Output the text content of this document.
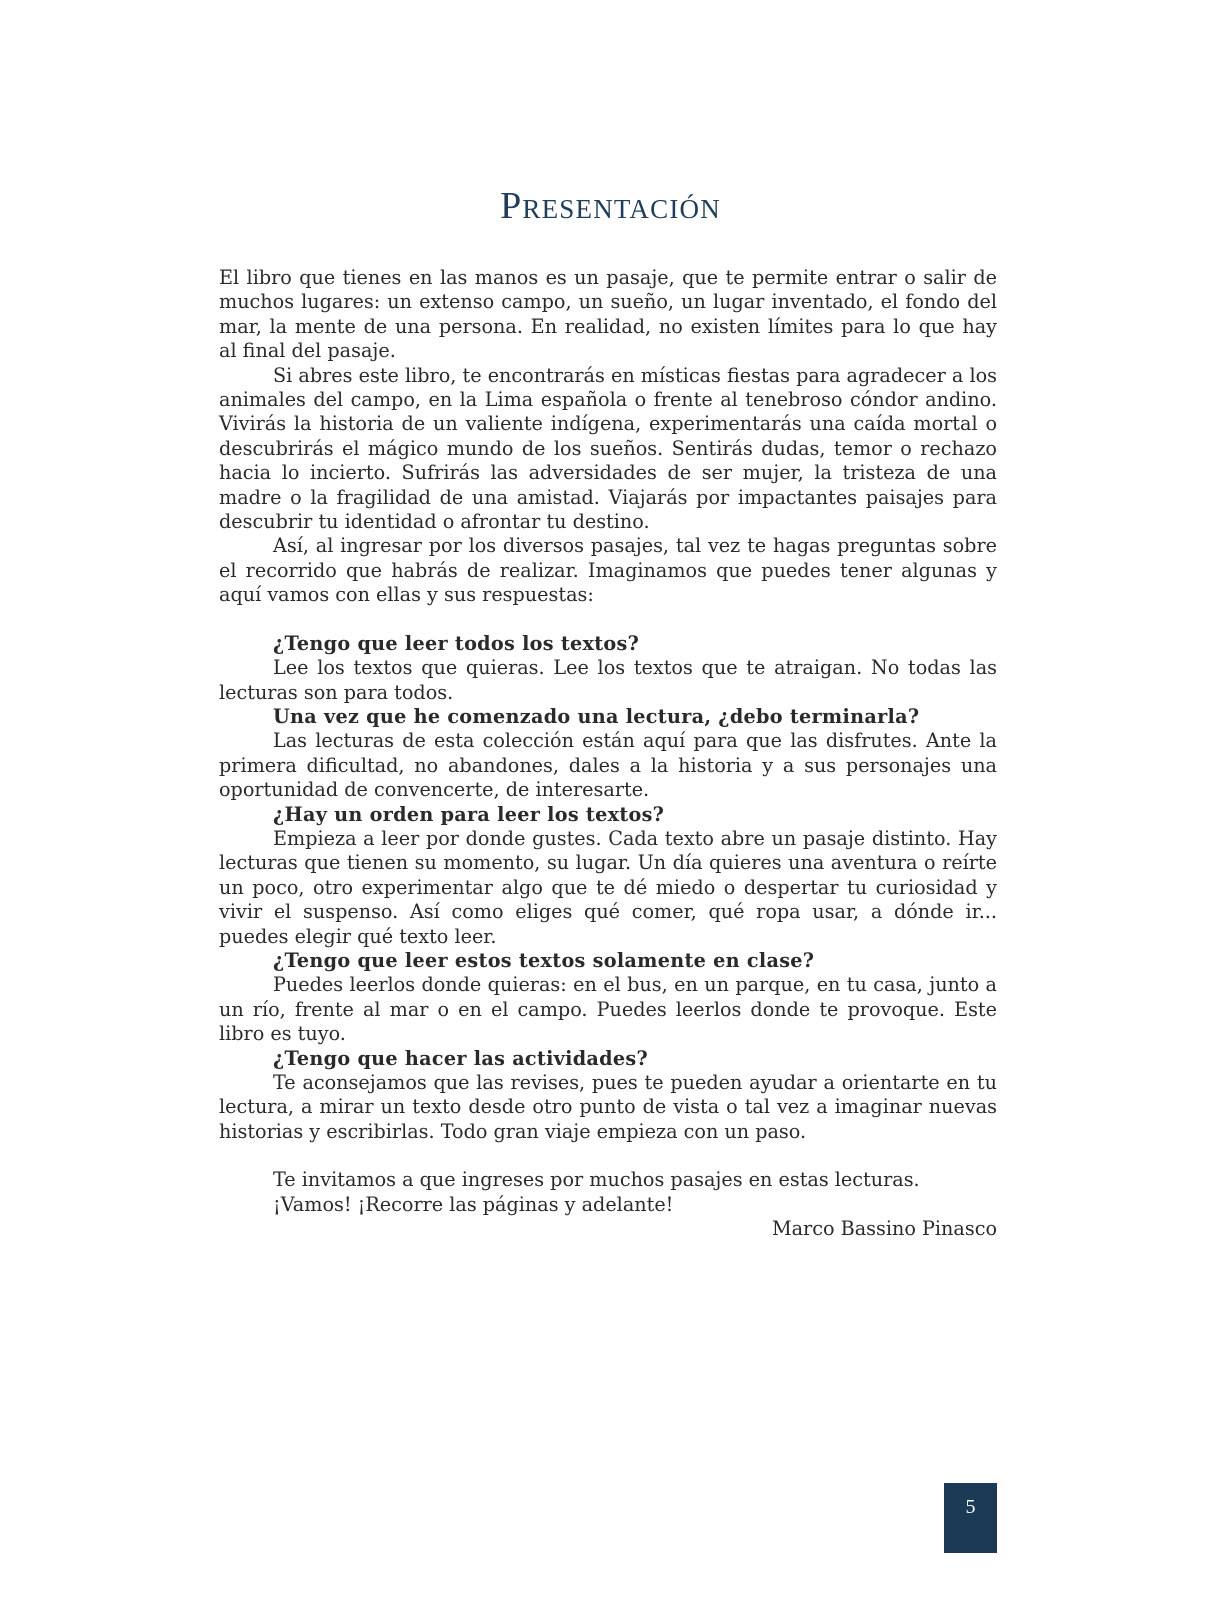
Presentación

El libro que tienes en las manos es un pasaje, que te permite entrar o salir de muchos lugares: un extenso campo, un sueño, un lugar inventado, el fondo del mar, la mente de una persona. En realidad, no existen límites para lo que hay al final del pasaje.

Si abres este libro, te encontrarás en místicas fiestas para agradecer a los animales del campo, en la Lima española o frente al tenebroso cóndor andino. Vivirás la historia de un valiente indígena, experimentarás una caída mortal o descubrirás el mágico mundo de los sueños. Sentirás dudas, temor o rechazo hacia lo incierto. Sufrirás las adversidades de ser mujer, la tristeza de una madre o la fragilidad de una amistad. Viajarás por impactantes paisajes para descubrir tu identidad o afrontar tu destino.

Así, al ingresar por los diversos pasajes, tal vez te hagas preguntas sobre el recorrido que habrás de realizar. Imaginamos que puedes tener algunas y aquí vamos con ellas y sus respuestas:

¿Tengo que leer todos los textos?

Lee los textos que quieras. Lee los textos que te atraigan. No todas las lecturas son para todos.

Una vez que he comenzado una lectura, ¿debo terminarla?

Las lecturas de esta colección están aquí para que las disfrutes. Ante la primera dificultad, no abandones, dales a la historia y a sus personajes una oportunidad de convencerte, de interesarte.

¿Hay un orden para leer los textos?

Empieza a leer por donde gustes. Cada texto abre un pasaje distinto. Hay lecturas que tienen su momento, su lugar. Un día quieres una aventura o reírte un poco, otro experimentar algo que te dé miedo o despertar tu curiosidad y vivir el suspenso. Así como eliges qué comer, qué ropa usar, a dónde ir... puedes elegir qué texto leer.

¿Tengo que leer estos textos solamente en clase?

Puedes leerlos donde quieras: en el bus, en un parque, en tu casa, junto a un río, frente al mar o en el campo. Puedes leerlos donde te provoque. Este libro es tuyo.

¿Tengo que hacer las actividades?

Te aconsejamos que las revises, pues te pueden ayudar a orientarte en tu lectura, a mirar un texto desde otro punto de vista o tal vez a imaginar nuevas historias y escribirlas. Todo gran viaje empieza con un paso.

Te invitamos a que ingreses por muchos pasajes en estas lecturas.

¡Vamos! ¡Recorre las páginas y adelante!

Marco Bassino Pinasco

5
